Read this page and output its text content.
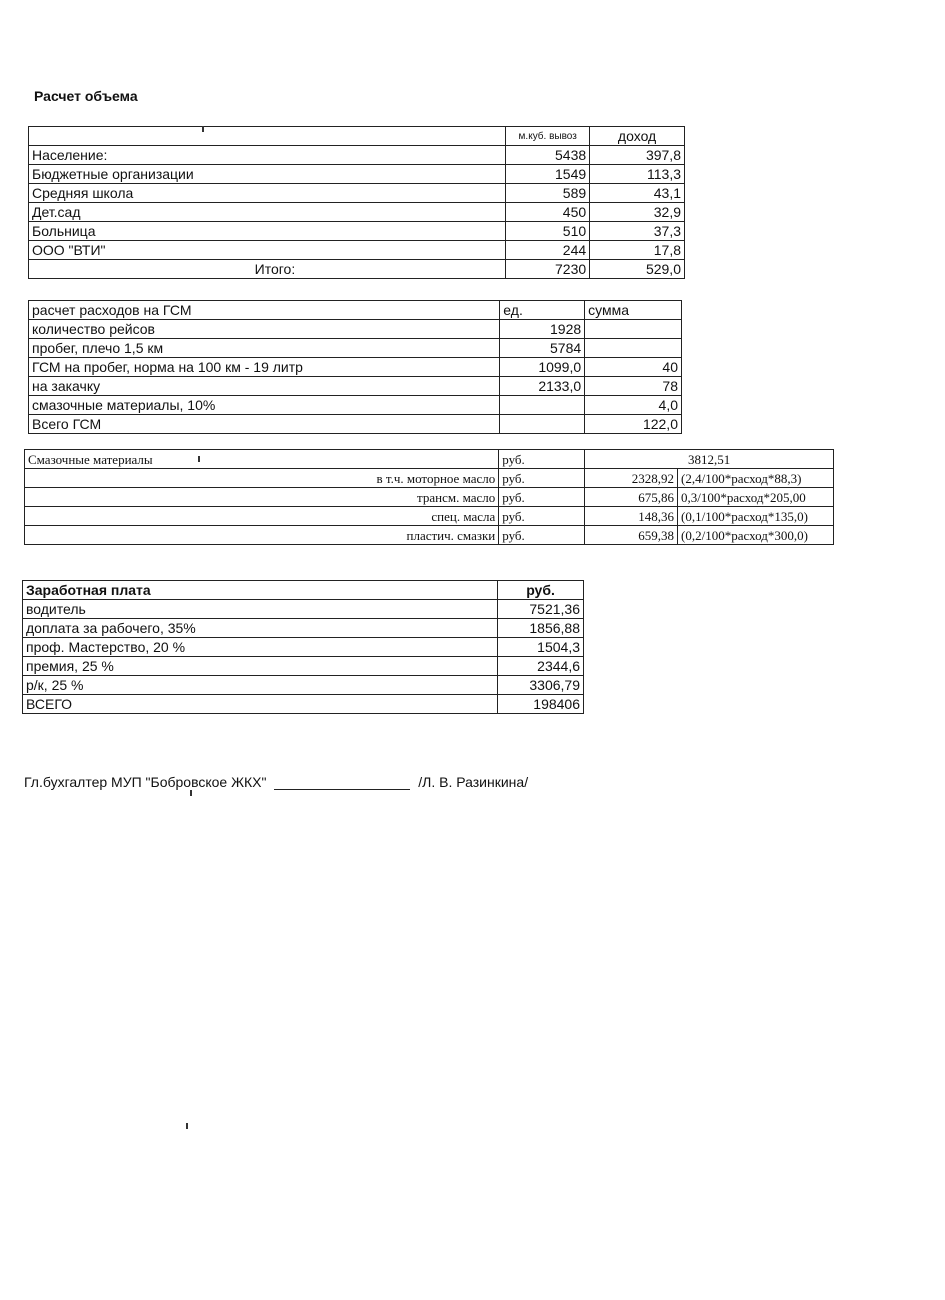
Расчет объема
	м.куб. вывоз	доход
Население:	5438	397,8
Бюджетные организации	1549	113,3
Средняя школа	589	43,1
Дет.сад	450	32,9
Больница	510	37,3
ООО "ВТИ"	244	17,8
Итого:	7230	529,0
расчет расходов на ГСМ	ед.	сумма
количество рейсов	1928	
пробег, плечо 1,5 км	5784	
ГСМ на пробег, норма на 100 км - 19 литр	1099,0	40
на закачку	2133,0	78
смазочные материалы, 10%		4,0
Всего ГСМ		122,0
Смазочные материалы	руб.	3812,51	
в т.ч. моторное масло	руб.	2328,92	(2,4/100*расход*88,3)
трансм. масло	руб.	675,86	0,3/100*расход*205,00
спец. масла	руб.	148,36	(0,1/100*расход*135,0)
пластич. смазки	руб.	659,38	(0,2/100*расход*300,0)
Заработная плата	руб.
водитель	7521,36
доплата за рабочего, 35%	1856,88
проф. Мастерство, 20 %	1504,3
премия, 25 %	2344,6
р/к, 25 %	3306,79
ВСЕГО	198406
Гл.бухгалтер МУП "Бобровское ЖКХ"	/Л. В. Разинкина/
